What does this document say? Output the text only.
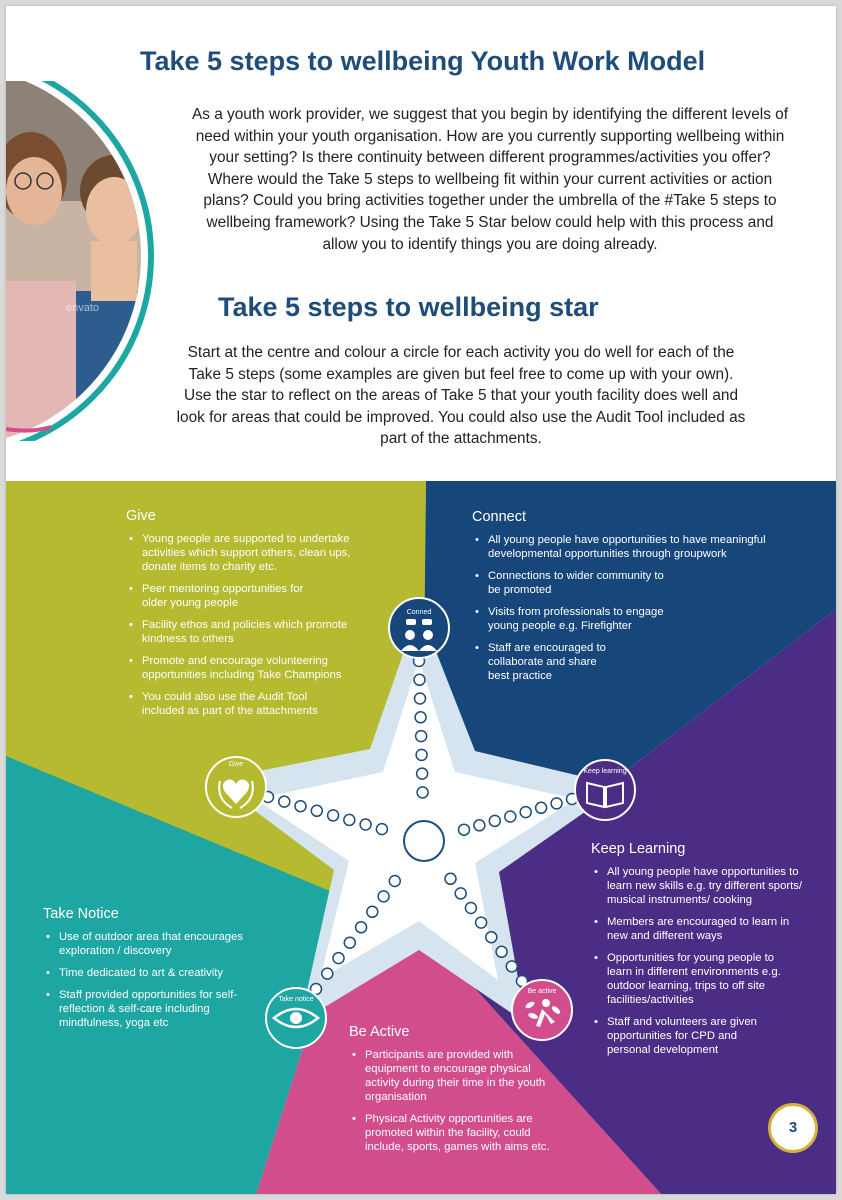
envato
Take 5 steps to wellbeing Youth Work Model

As a youth work provider, we suggest that you begin by identifying the different levels of
need within your youth organisation. How are you currently supporting wellbeing within
your setting? Is there continuity between different programmes/activities you offer?
Where would the Take 5 steps to wellbeing fit within your current activities or action
plans? Could you bring activities together under the umbrella of the #Take 5 steps to
wellbeing framework? Using the Take 5 Star below could help with this process and
allow you to identify things you are doing already.

Take 5 steps to wellbeing star

Start at the centre and colour a circle for each activity you do well for each of the
Take 5 steps (some examples are given but feel free to come up with your own).
Use the star to reflect on the areas of Take 5 that your youth facility does well and
look for areas that could be improved. You could also use the Audit Tool included as
part of the attachments.

Conned
Give
Keep learning
Take notice
Be active
Give
• Young people are supported to undertake activities which support others, clean ups, donate items to charity etc.
• Peer mentoring opportunities for older young people
• Facility ethos and policies which promote kindness to others
• Promote and encourage volunteering opportunities including Take Champions
• You could also use the Audit Tool included as part of the attachments
Connect
• All young people have opportunities to have meaningful developmental opportunities through groupwork
• Connections to wider community to be promoted
• Visits from professionals to engage young people e.g. Firefighter
• Staff are encouraged to collaborate and share best practice
Keep Learning
• All young people have opportunities to learn new skills e.g. try different sports/ musical instruments/ cooking
• Members are encouraged to learn in new and different ways
• Opportunities for young people to learn in different environments e.g. outdoor learning, trips to off site facilities/activities
• Staff and volunteers are given opportunities for CPD and personal development
Take Notice
• Use of outdoor area that encourages exploration / discovery
• Time dedicated to art & creativity
• Staff provided opportunities for self-reflection & self-care including mindfulness, yoga etc
Be Active
• Participants are provided with equipment to encourage physical activity during their time in the youth organisation
• Physical Activity opportunities are promoted within the facility, could include, sports, games with aims etc.
3
